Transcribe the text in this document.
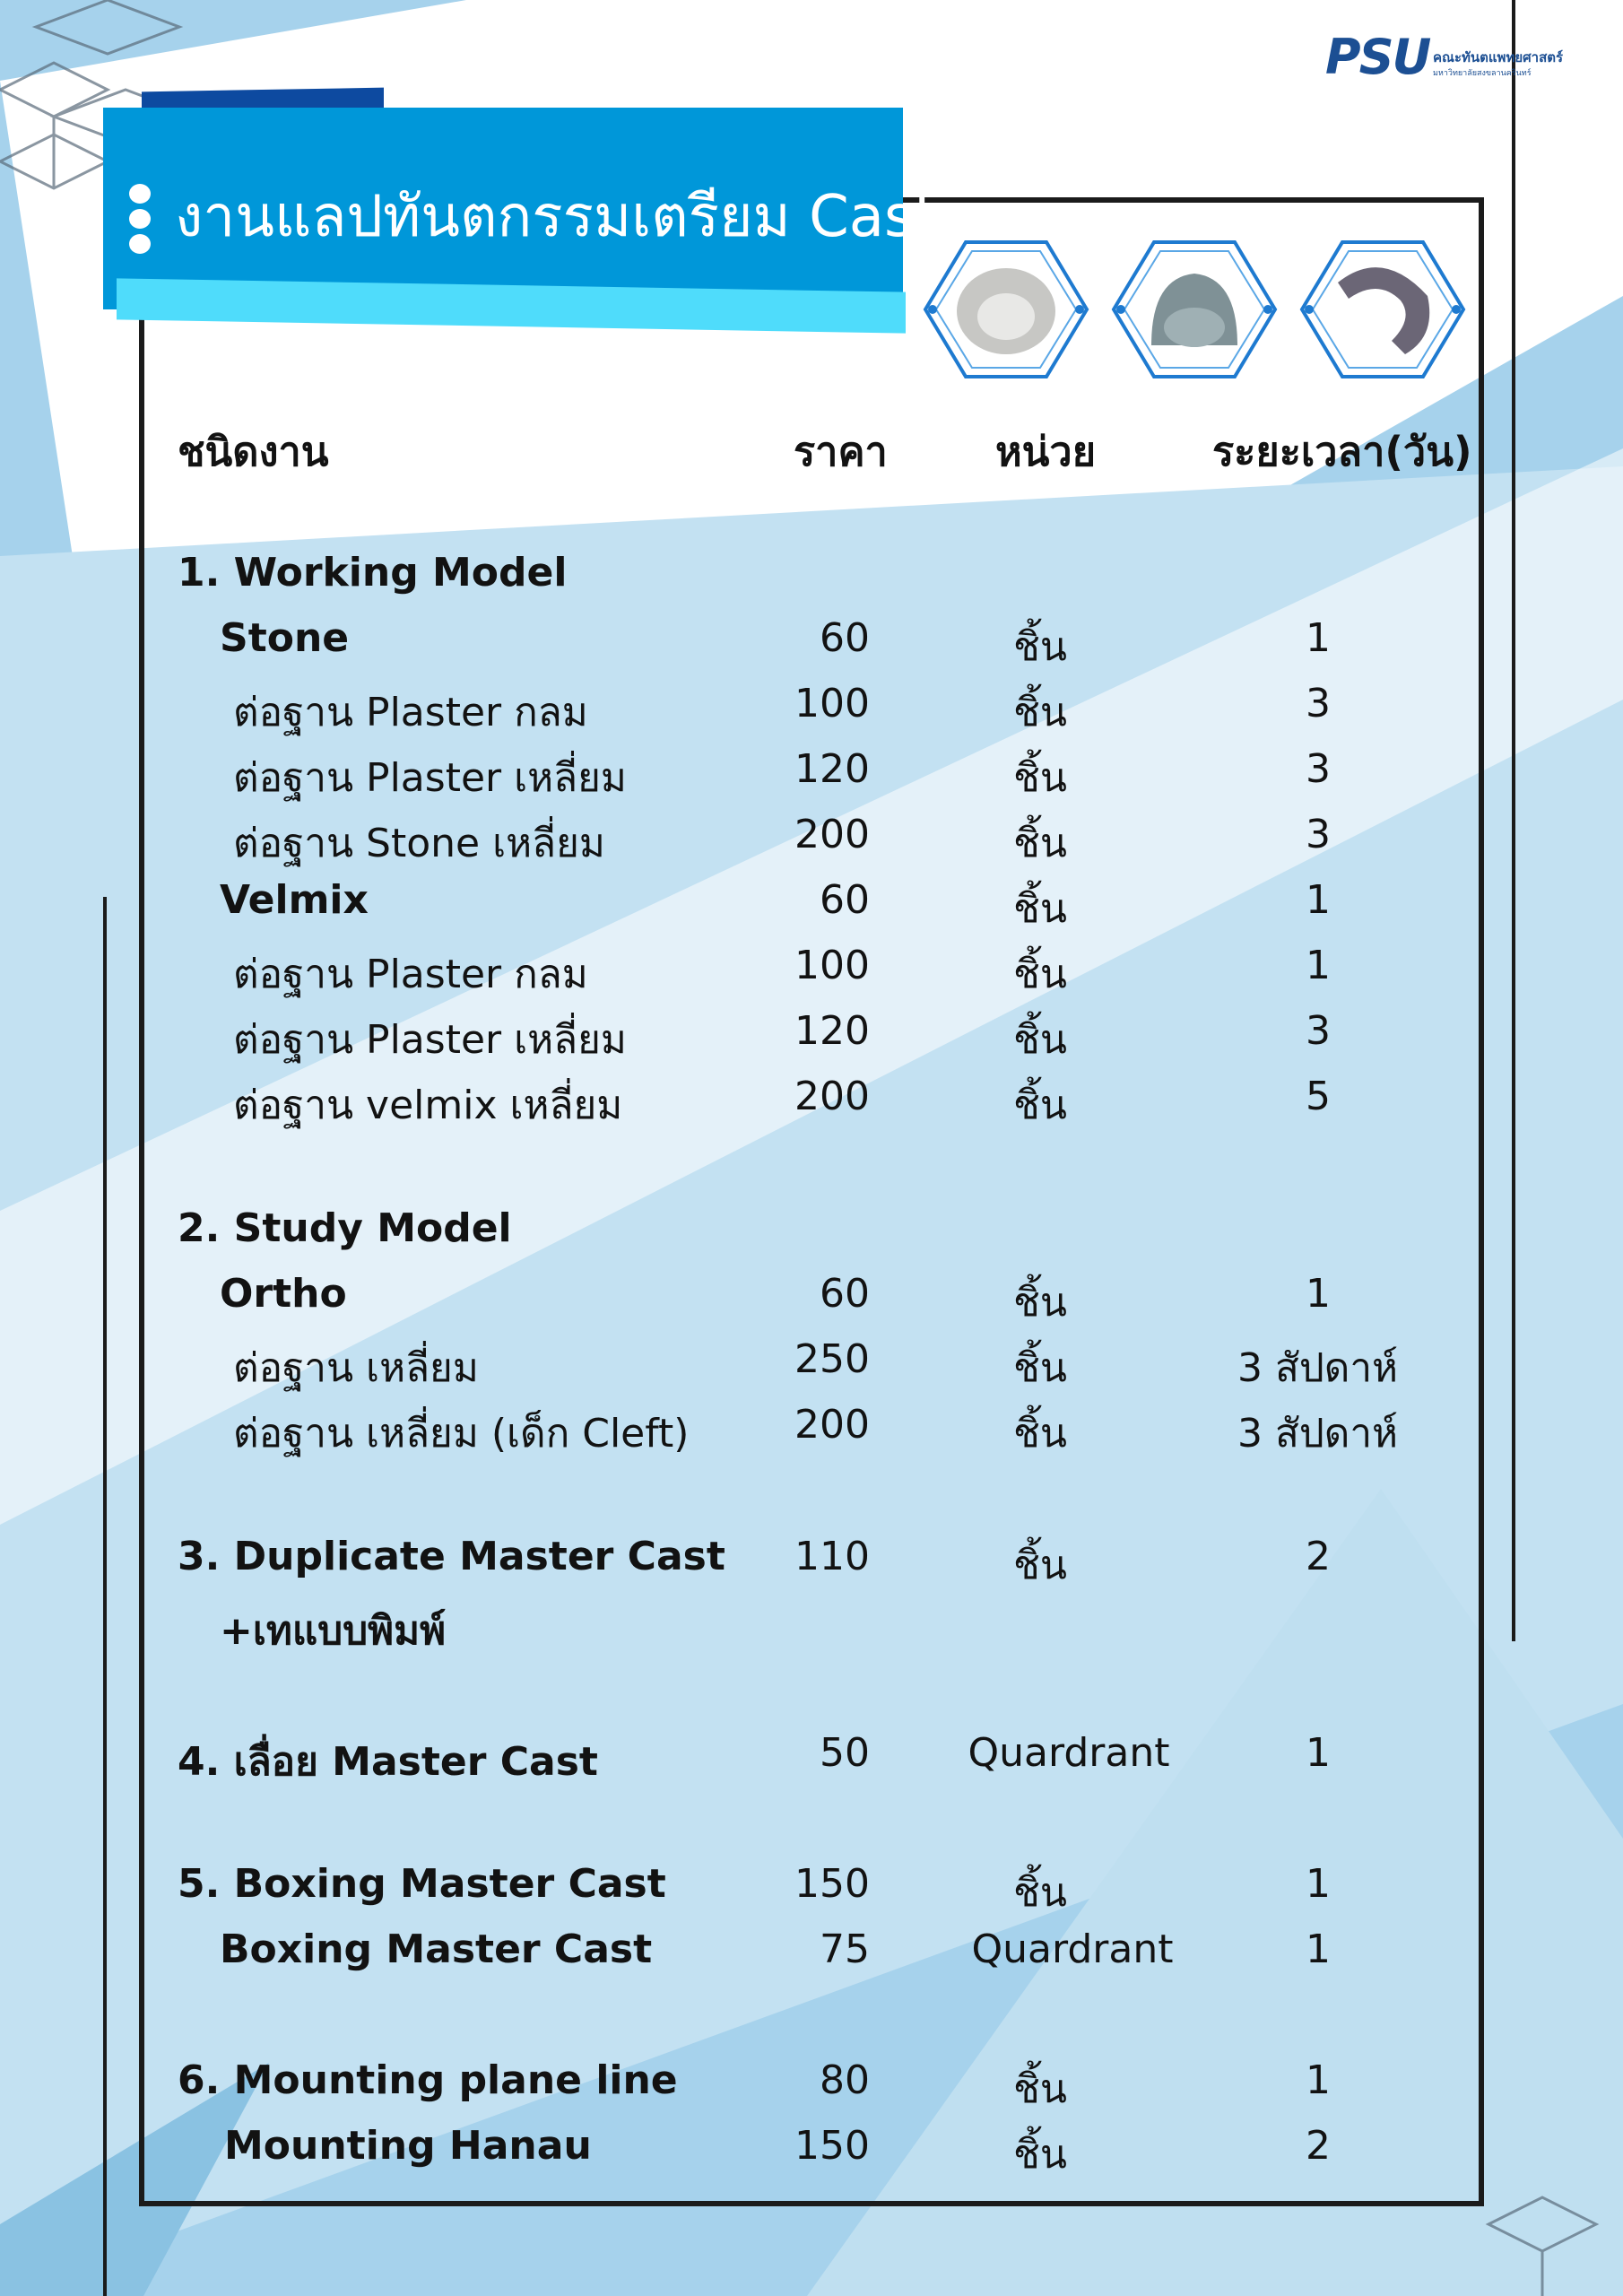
งานแลปทันตกรรมเตรียม Cast
PSU คณะทันตแพทยศาสตร์
มหาวิทยาลัยสงขลานครินทร์
ชนิดงาน	ราคา	หน่วย	ระยะเวลา(วัน)
1. Working Model
Stone	60	ชิ้น	1
ต่อฐาน Plaster กลม	100	ชิ้น	3
ต่อฐาน Plaster เหลี่ยม	120	ชิ้น	3
ต่อฐาน Stone เหลี่ยม	200	ชิ้น	3
Velmix	60	ชิ้น	1
ต่อฐาน Plaster กลม	100	ชิ้น	1
ต่อฐาน Plaster เหลี่ยม	120	ชิ้น	3
ต่อฐาน velmix เหลี่ยม	200	ชิ้น	5
2. Study Model
Ortho	60	ชิ้น	1
ต่อฐาน เหลี่ยม	250	ชิ้น	3 สัปดาห์
ต่อฐาน เหลี่ยม (เด็ก Cleft)	200	ชิ้น	3 สัปดาห์
3. Duplicate Master Cast	110	ชิ้น	2
+เทแบบพิมพ์
4. เลื่อย Master Cast	50	Quardrant	1
5. Boxing Master Cast	150	ชิ้น	1
Boxing Master Cast	75	Quardrant	1
6. Mounting plane line	80	ชิ้น	1
Mounting Hanau	150	ชิ้น	2
